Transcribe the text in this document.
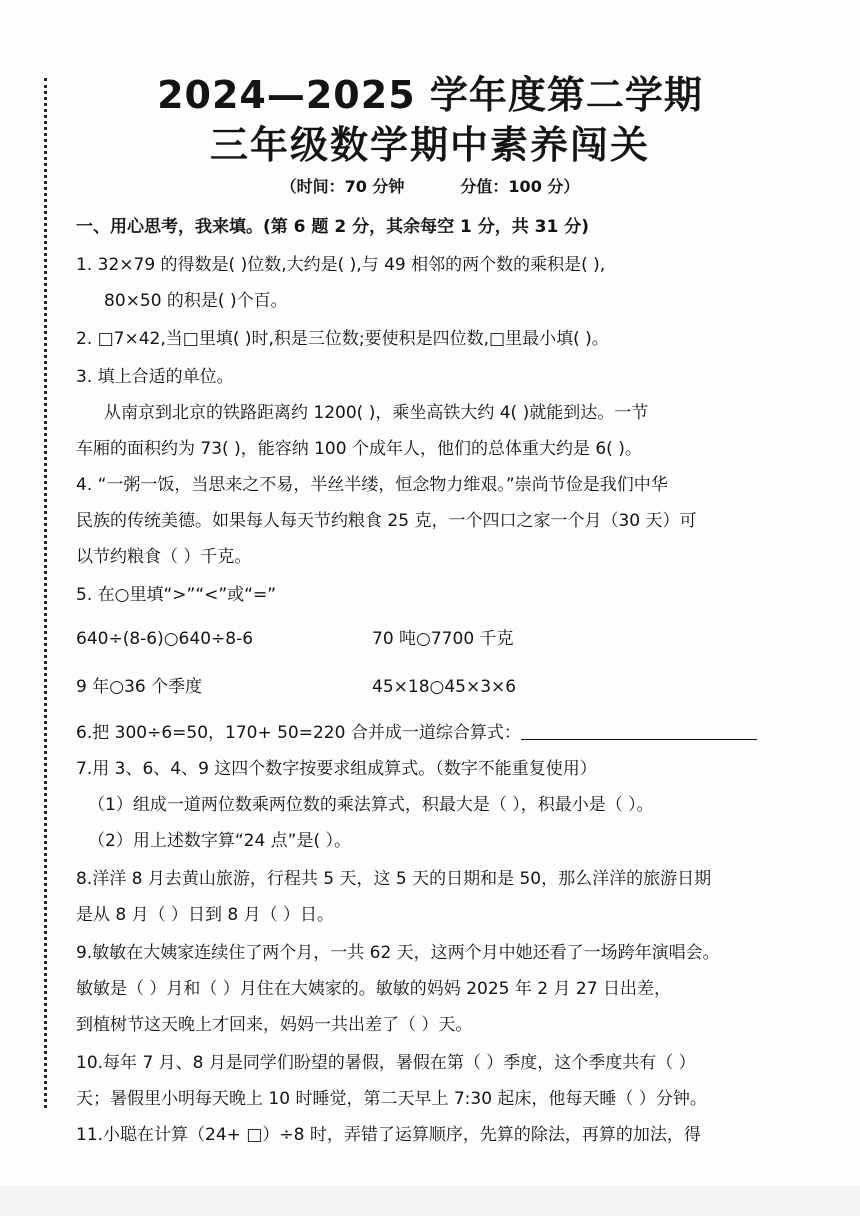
2024—2025 学年度第二学期
三年级数学期中素养闯关
（时间：70 分钟	分值：100 分）
一、用心思考，我来填。(第 6 题 2 分，其余每空 1 分，共 31 分)
1. 32×79 的得数是( )位数,大约是( ),与 49 相邻的两个数的乘积是( ),
80×50 的积是( )个百。
2. □7×42,当□里填( )时,积是三位数;要使积是四位数,□里最小填( )。
3. 填上合适的单位。
从南京到北京的铁路距离约 1200( )，乘坐高铁大约 4( )就能到达。一节
车厢的面积约为 73( )，能容纳 100 个成年人，他们的总体重大约是 6( )。
4. “一粥一饭，当思来之不易，半丝半缕，恒念物力维艰。”崇尚节俭是我们中华
民族的传统美德。如果每人每天节约粮食 25 克，一个四口之家一个月（30 天）可
以节约粮食（ ）千克。
5. 在○里填“>”“<”或“=”
640÷(8-6)○640÷8-6	70 吨○7700 千克
9 年○36 个季度	45×18○45×3×6
6.把 300÷6=50，170+ 50=220 合并成一道综合算式：
7.用 3、6、4、9 这四个数字按要求组成算式。（数字不能重复使用）
（1）组成一道两位数乘两位数的乘法算式，积最大是（ ），积最小是（ ）。
（2）用上述数字算“24 点”是( ）。
8.洋洋 8 月去黄山旅游，行程共 5 天，这 5 天的日期和是 50，那么洋洋的旅游日期
是从 8 月（ ）日到 8 月（ ）日。
9.敏敏在大姨家连续住了两个月，一共 62 天，这两个月中她还看了一场跨年演唱会。
敏敏是（ ）月和（ ）月住在大姨家的。敏敏的妈妈 2025 年 2 月 27 日出差，
到植树节这天晚上才回来，妈妈一共出差了（ ）天。
10.每年 7 月、8 月是同学们盼望的暑假，暑假在第（ ）季度，这个季度共有（ ）
天；暑假里小明每天晚上 10 时睡觉，第二天早上 7:30 起床，他每天睡（ ）分钟。
11.小聪在计算（24+ □）÷8 时，弄错了运算顺序，先算的除法，再算的加法，得
